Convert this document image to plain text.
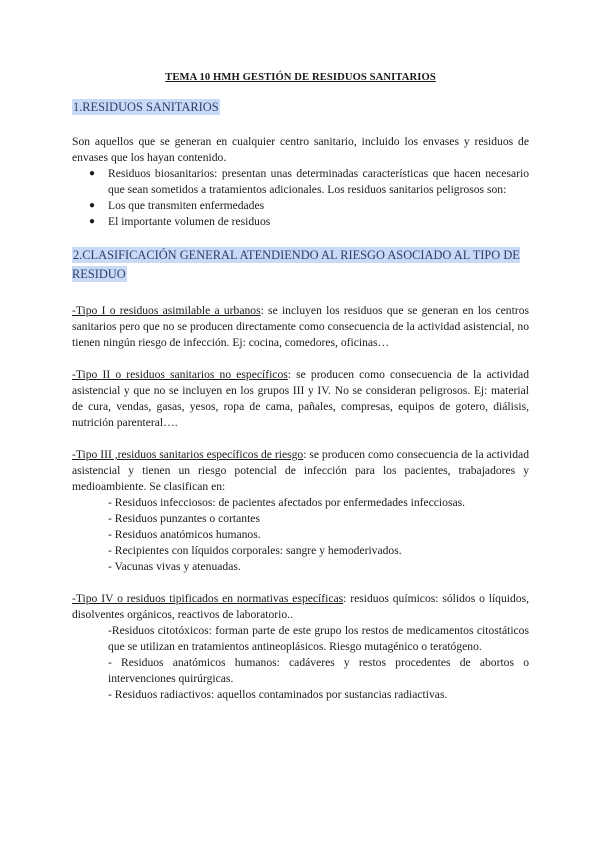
TEMA 10 HMH GESTIÓN DE RESIDUOS SANITARIOS
1.RESIDUOS SANITARIOS

Son aquellos que se generan en cualquier centro sanitario, incluido los envases y residuos de envases que los hayan contenido.

● Residuos biosanitarios: presentan unas determinadas características que hacen necesario que sean sometidos a tratamientos adicionales. Los residuos sanitarios peligrosos son:
● Los que transmiten enfermedades
● El importante volumen de residuos
2.CLASIFICACIÓN GENERAL ATENDIENDO AL RIESGO ASOCIADO AL TIPO DE RESIDUO

-Tipo I o residuos asimilable a urbanos: se incluyen los residuos que se generan en los centros sanitarios pero que no se producen directamente como consecuencia de la actividad asistencial, no tienen ningún riesgo de infección. Ej: cocina, comedores, oficinas…

-Tipo II o residuos sanitarios no específicos: se producen como consecuencia de la actividad asistencial y que no se incluyen en los grupos III y IV. No se consideran peligrosos. Ej: material de cura, vendas, gasas, yesos, ropa de cama, pañales, compresas, equipos de gotero, diálisis, nutrición parenteral….

-Tipo III ,residuos sanitarios específicos de riesgo: se producen como consecuencia de la actividad asistencial y tienen un riesgo potencial de infección para los pacientes, trabajadores y medioambiente. Se clasifican en:

- Residuos infecciosos: de pacientes afectados por enfermedades infecciosas.
- Residuos punzantes o cortantes
- Residuos anatómicos humanos.
- Recipientes con líquidos corporales: sangre y hemoderivados.
- Vacunas vivas y atenuadas.

-Tipo IV o residuos tipificados en normativas específicas: residuos químicos: sólidos o líquidos, disolventes orgánicos, reactivos de laboratorio..

-Residuos citotóxicos: forman parte de este grupo los restos de medicamentos citostáticos que se utilizan en tratamientos antineoplásicos. Riesgo mutagénico o teratógeno.
- Residuos anatómicos humanos: cadáveres y restos procedentes de abortos o intervenciones quirúrgicas.
- Residuos radiactivos: aquellos contaminados por sustancias radiactivas.
